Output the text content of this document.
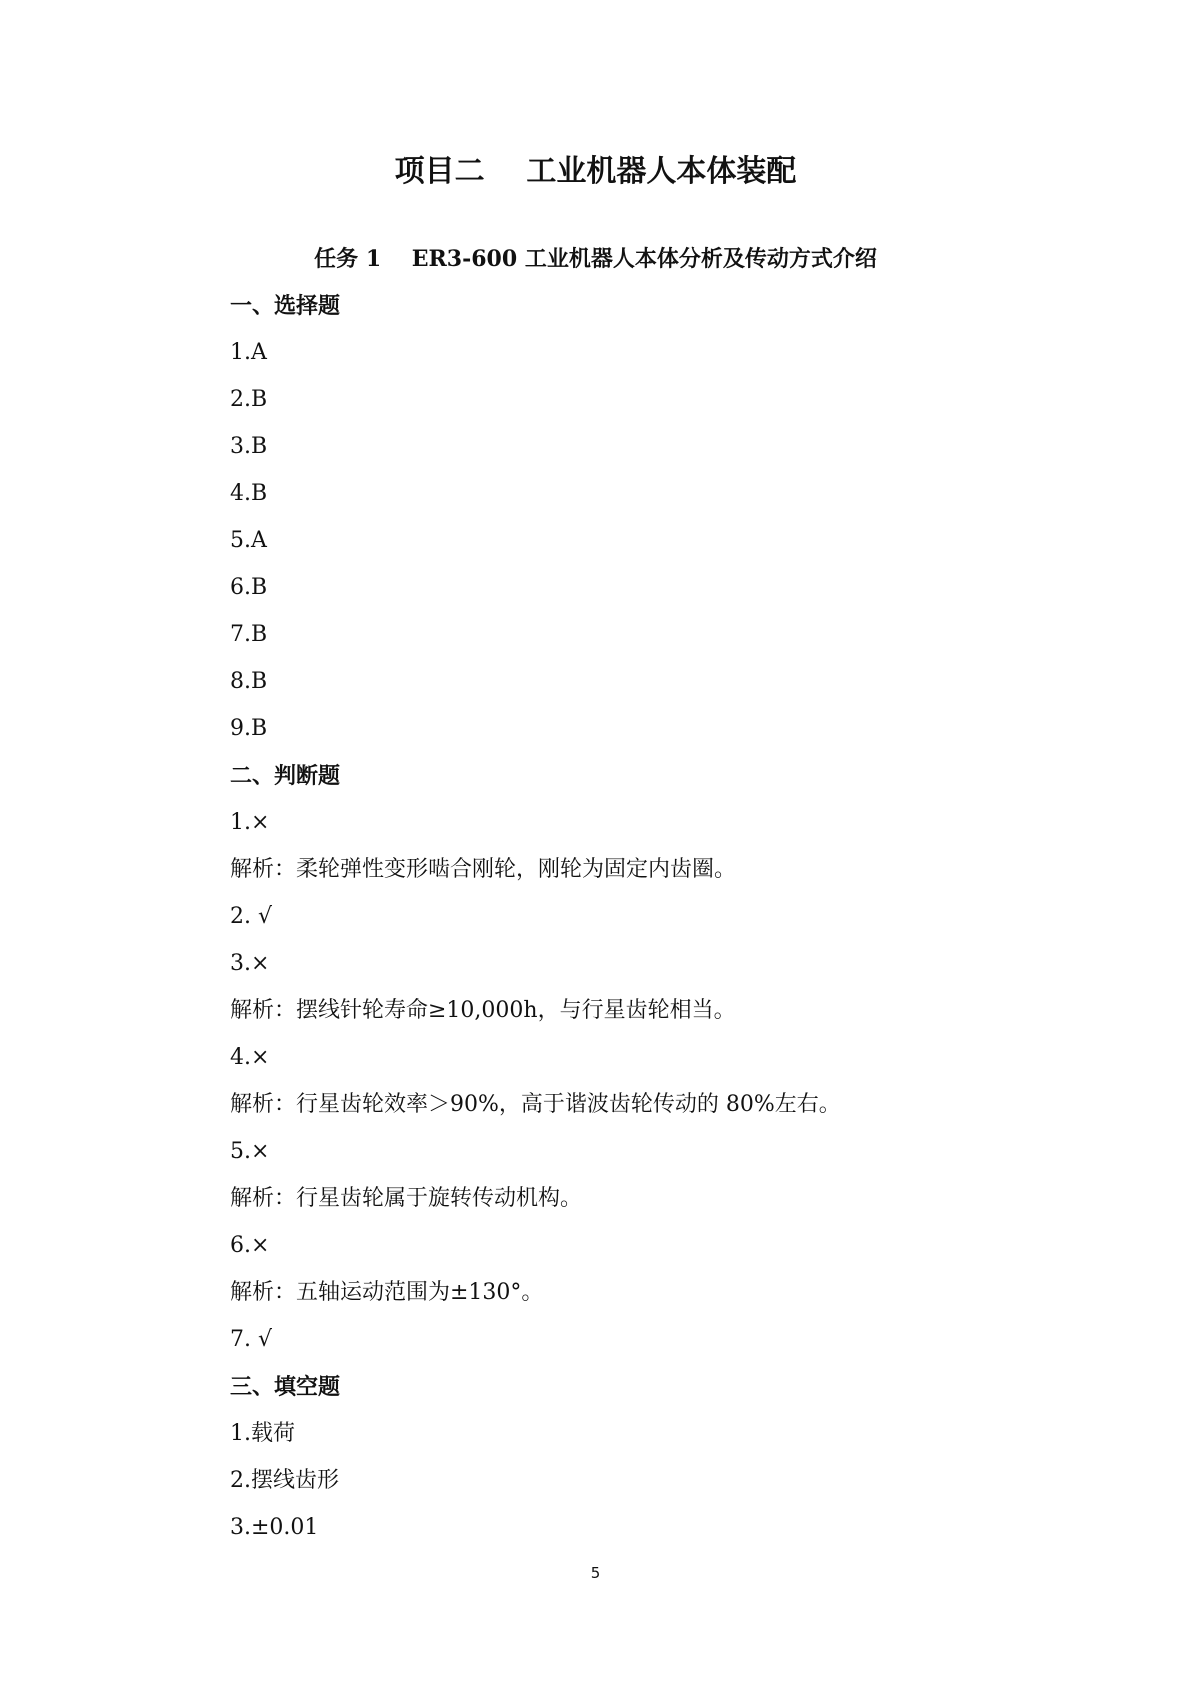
项目二    工业机器人本体装配
任务 1    ER3-600 工业机器人本体分析及传动方式介绍
一、选择题
1.A
2.B
3.B
4.B
5.A
6.B
7.B
8.B
9.B
二、判断题
1.×
解析：柔轮弹性变形啮合刚轮，刚轮为固定内齿圈。
2. √
3.×
解析：摆线针轮寿命≥10,000h，与行星齿轮相当。
4.×
解析：行星齿轮效率＞90%，高于谐波齿轮传动的 80%左右。
5.×
解析：行星齿轮属于旋转传动机构。
6.×
解析：五轴运动范围为±130°。
7. √
三、填空题
1.载荷
2.摆线齿形
3.±0.01
5
